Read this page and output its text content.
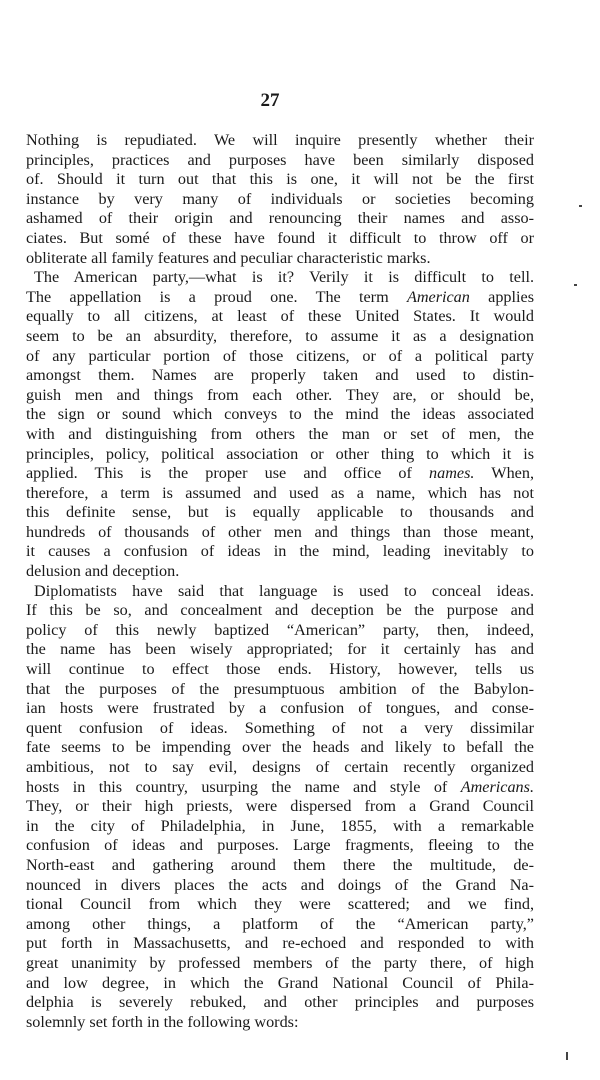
27
Nothing is repudiated. We will inquire presently whether their
principles, practices and purposes have been similarly disposed
of. Should it turn out that this is one, it will not be the first
instance by very many of individuals or societies becoming
ashamed of their origin and renouncing their names and asso-
ciates. But somé of these have found it difficult to throw off or
obliterate all family features and peculiar characteristic marks.
The American party,—what is it? Verily it is difficult to tell.
The appellation is a proud one. The term American applies
equally to all citizens, at least of these United States. It would
seem to be an absurdity, therefore, to assume it as a designation
of any particular portion of those citizens, or of a political party
amongst them. Names are properly taken and used to distin-
guish men and things from each other. They are, or should be,
the sign or sound which conveys to the mind the ideas associated
with and distinguishing from others the man or set of men, the
principles, policy, political association or other thing to which it is
applied. This is the proper use and office of names. When,
therefore, a term is assumed and used as a name, which has not
this definite sense, but is equally applicable to thousands and
hundreds of thousands of other men and things than those meant,
it causes a confusion of ideas in the mind, leading inevitably to
delusion and deception.
Diplomatists have said that language is used to conceal ideas.
If this be so, and concealment and deception be the purpose and
policy of this newly baptized “American” party, then, indeed,
the name has been wisely appropriated; for it certainly has and
will continue to effect those ends. History, however, tells us
that the purposes of the presumptuous ambition of the Babylon-
ian hosts were frustrated by a confusion of tongues, and conse-
quent confusion of ideas. Something of not a very dissimilar
fate seems to be impending over the heads and likely to befall the
ambitious, not to say evil, designs of certain recently organized
hosts in this country, usurping the name and style of Americans.
They, or their high priests, were dispersed from a Grand Council
in the city of Philadelphia, in June, 1855, with a remarkable
confusion of ideas and purposes. Large fragments, fleeing to the
North-east and gathering around them there the multitude, de-
nounced in divers places the acts and doings of the Grand Na-
tional Council from which they were scattered; and we find,
among other things, a platform of the “American party,”
put forth in Massachusetts, and re-echoed and responded to with
great unanimity by professed members of the party there, of high
and low degree, in which the Grand National Council of Phila-
delphia is severely rebuked, and other principles and purposes
solemnly set forth in the following words:
